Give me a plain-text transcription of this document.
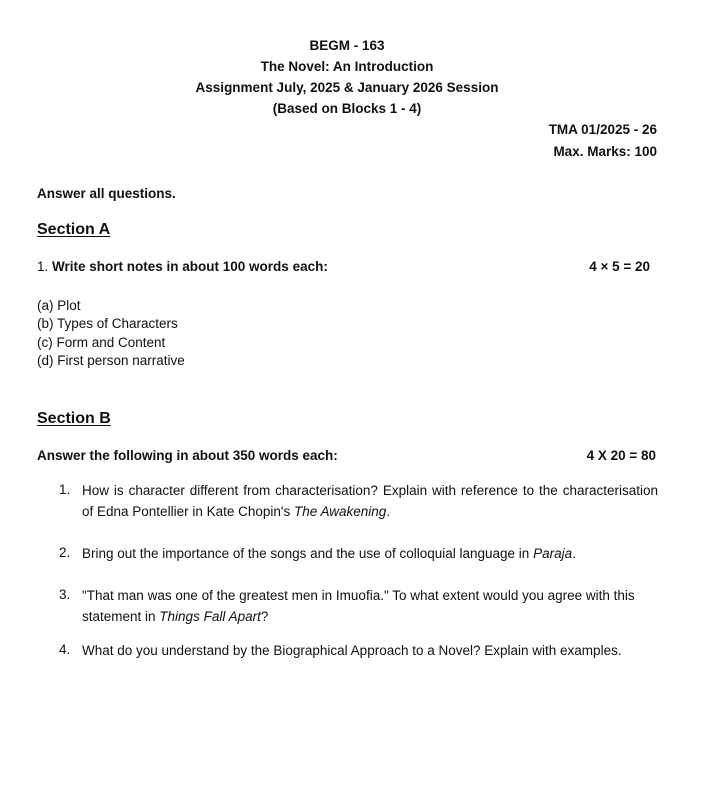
BEGM - 163
The Novel: An Introduction
Assignment July, 2025 & January 2026 Session
(Based on Blocks 1 - 4)
TMA 01/2025 - 26
Max. Marks: 100
Answer all questions.
Section A
1. Write short notes in about 100 words each:	4 × 5 = 20
(a) Plot
(b) Types of Characters
(c) Form and Content
(d) First person narrative
Section B
Answer the following in about 350 words each:	4 X 20 = 80
1. How is character different from characterisation? Explain with reference to the characterisation of Edna Pontellier in Kate Chopin's The Awakening.
2. Bring out the importance of the songs and the use of colloquial language in Paraja.
3. "That man was one of the greatest men in Imuofia." To what extent would you agree with this statement in Things Fall Apart?
4. What do you understand by the Biographical Approach to a Novel? Explain with examples.
